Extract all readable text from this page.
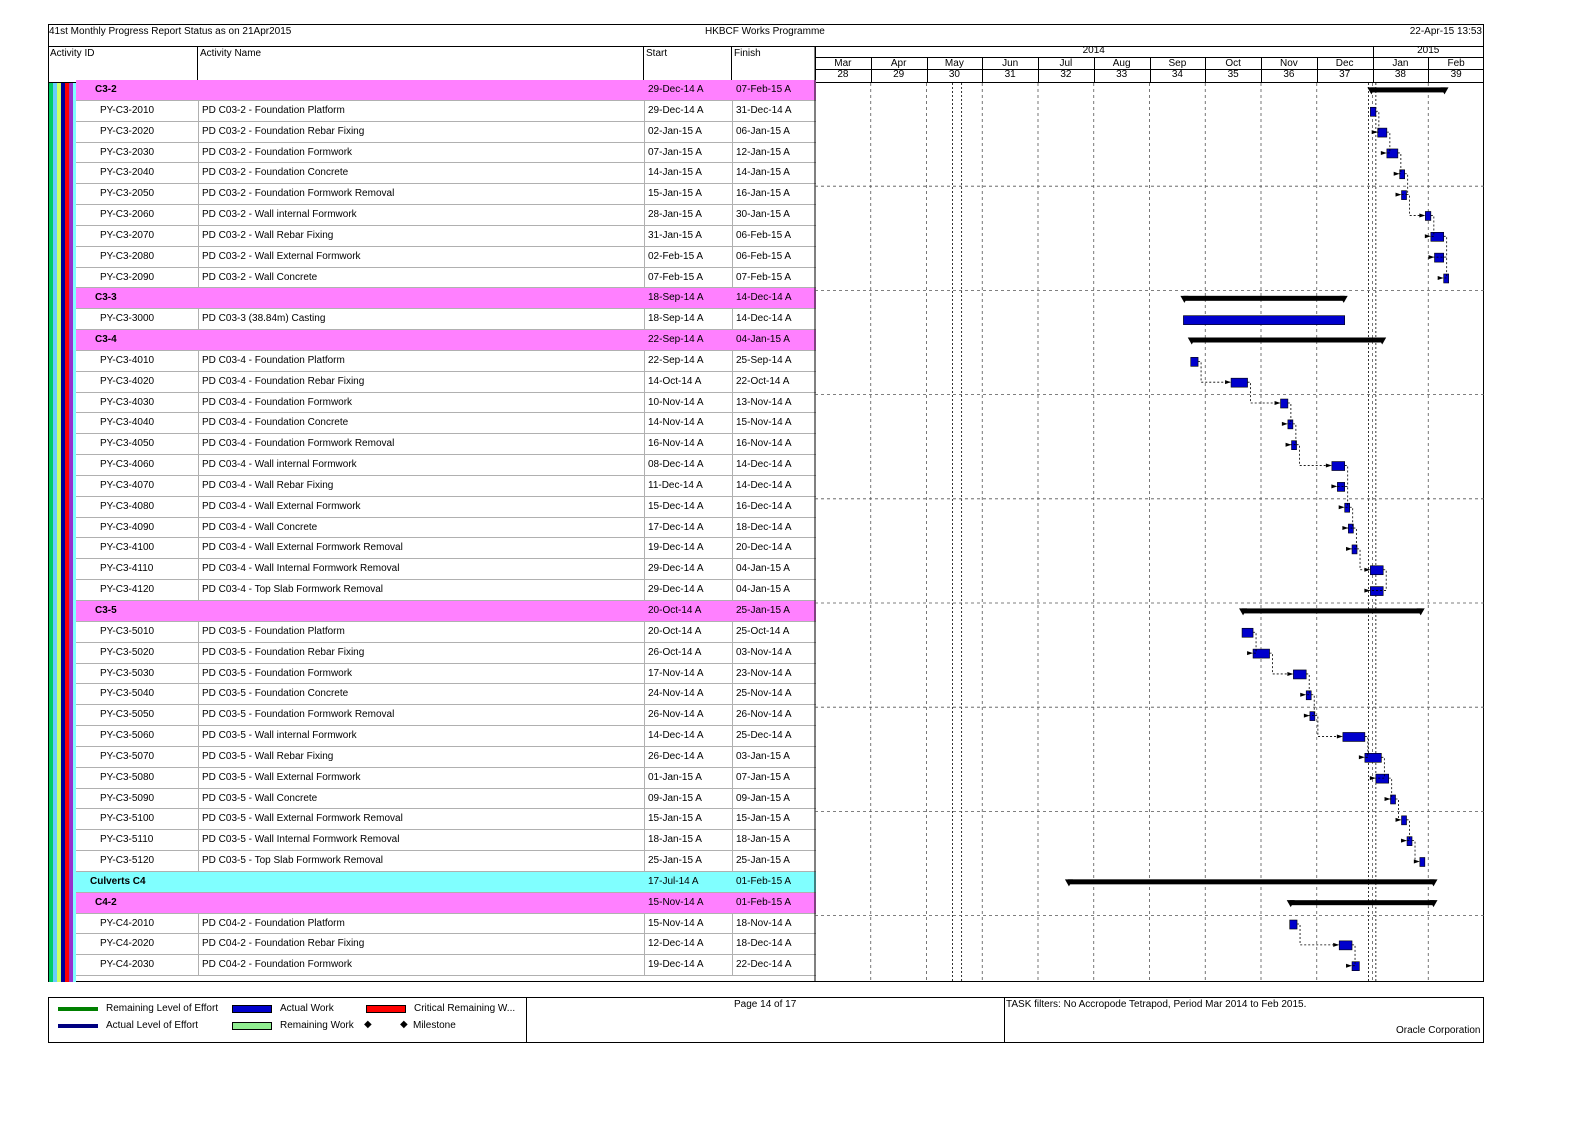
41st Monthly Progress Report Status as on 21Apr2015	HKBCF Works Programme	22-Apr-15 13:53
Activity ID	Activity Name	Start	Finish	2014	2015
Mar
28
Apr
29
May
30
Jun
31
Jul
32
Aug
33
Sep
34
Oct
35
Nov
36
Dec
37
Jan
38
Feb
39
C3-2	29-Dec-14 A	07-Feb-15 A
PY-C3-2010	PD C03-2 - Foundation Platform	29-Dec-14 A	31-Dec-14 A
PY-C3-2020	PD C03-2 - Foundation Rebar Fixing	02-Jan-15 A	06-Jan-15 A
PY-C3-2030	PD C03-2 - Foundation Formwork	07-Jan-15 A	12-Jan-15 A
PY-C3-2040	PD C03-2 - Foundation Concrete	14-Jan-15 A	14-Jan-15 A
PY-C3-2050	PD C03-2 - Foundation Formwork Removal	15-Jan-15 A	16-Jan-15 A
PY-C3-2060	PD C03-2 - Wall internal Formwork	28-Jan-15 A	30-Jan-15 A
PY-C3-2070	PD C03-2 - Wall Rebar Fixing	31-Jan-15 A	06-Feb-15 A
PY-C3-2080	PD C03-2 - Wall External Formwork	02-Feb-15 A	06-Feb-15 A
PY-C3-2090	PD C03-2 - Wall Concrete	07-Feb-15 A	07-Feb-15 A
C3-3	18-Sep-14 A	14-Dec-14 A
PY-C3-3000	PD C03-3 (38.84m) Casting	18-Sep-14 A	14-Dec-14 A
C3-4	22-Sep-14 A	04-Jan-15 A
PY-C3-4010	PD C03-4 - Foundation Platform	22-Sep-14 A	25-Sep-14 A
PY-C3-4020	PD C03-4 - Foundation Rebar Fixing	14-Oct-14 A	22-Oct-14 A
PY-C3-4030	PD C03-4 - Foundation Formwork	10-Nov-14 A	13-Nov-14 A
PY-C3-4040	PD C03-4 - Foundation Concrete	14-Nov-14 A	15-Nov-14 A
PY-C3-4050	PD C03-4 - Foundation Formwork Removal	16-Nov-14 A	16-Nov-14 A
PY-C3-4060	PD C03-4 - Wall internal Formwork	08-Dec-14 A	14-Dec-14 A
PY-C3-4070	PD C03-4 - Wall Rebar Fixing	11-Dec-14 A	14-Dec-14 A
PY-C3-4080	PD C03-4 - Wall External Formwork	15-Dec-14 A	16-Dec-14 A
PY-C3-4090	PD C03-4 - Wall Concrete	17-Dec-14 A	18-Dec-14 A
PY-C3-4100	PD C03-4 - Wall External Formwork Removal	19-Dec-14 A	20-Dec-14 A
PY-C3-4110	PD C03-4 - Wall Internal Formwork Removal	29-Dec-14 A	04-Jan-15 A
PY-C3-4120	PD C03-4 - Top Slab Formwork Removal	29-Dec-14 A	04-Jan-15 A
C3-5	20-Oct-14 A	25-Jan-15 A
PY-C3-5010	PD C03-5 - Foundation Platform	20-Oct-14 A	25-Oct-14 A
PY-C3-5020	PD C03-5 - Foundation Rebar Fixing	26-Oct-14 A	03-Nov-14 A
PY-C3-5030	PD C03-5 - Foundation Formwork	17-Nov-14 A	23-Nov-14 A
PY-C3-5040	PD C03-5 - Foundation Concrete	24-Nov-14 A	25-Nov-14 A
PY-C3-5050	PD C03-5 - Foundation Formwork Removal	26-Nov-14 A	26-Nov-14 A
PY-C3-5060	PD C03-5 - Wall internal Formwork	14-Dec-14 A	25-Dec-14 A
PY-C3-5070	PD C03-5 - Wall Rebar Fixing	26-Dec-14 A	03-Jan-15 A
PY-C3-5080	PD C03-5 - Wall External Formwork	01-Jan-15 A	07-Jan-15 A
PY-C3-5090	PD C03-5 - Wall Concrete	09-Jan-15 A	09-Jan-15 A
PY-C3-5100	PD C03-5 - Wall External Formwork Removal	15-Jan-15 A	15-Jan-15 A
PY-C3-5110	PD C03-5 - Wall Internal Formwork Removal	18-Jan-15 A	18-Jan-15 A
PY-C3-5120	PD C03-5 - Top Slab Formwork Removal	25-Jan-15 A	25-Jan-15 A
Culverts C4	17-Jul-14 A	01-Feb-15 A
C4-2	15-Nov-14 A	01-Feb-15 A
PY-C4-2010	PD C04-2 - Foundation Platform	15-Nov-14 A	18-Nov-14 A
PY-C4-2020	PD C04-2 - Foundation Rebar Fixing	12-Dec-14 A	18-Dec-14 A
PY-C4-2030	PD C04-2 - Foundation Formwork	19-Dec-14 A	22-Dec-14 A
Remaining Level of Effort
Actual Level of Effort
Actual Work
Remaining Work ◆
Critical Remaining W...
◆ Milestone
Page 14 of 17	TASK filters: No Accropode Tetrapod, Period Mar 2014 to Feb 2015.
Oracle Corporation
